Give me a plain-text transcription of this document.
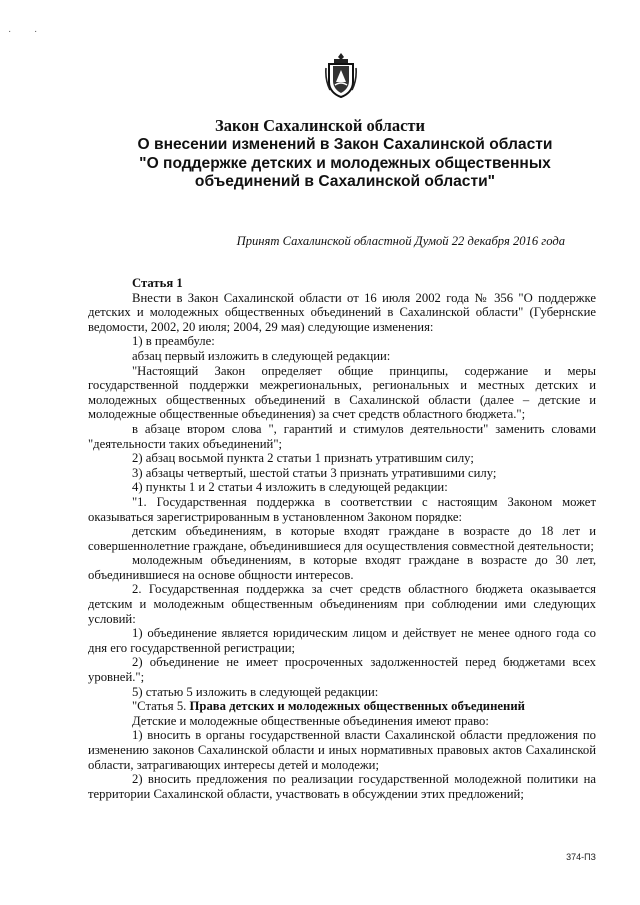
· ·
Закон Сахалинской области
О внесении изменений в Закон Сахалинской области "О поддержке детских и молодежных общественных объединений в Сахалинской области"
Принят Сахалинской областной Думой 22 декабря 2016 года

Статья 1

Внести в Закон Сахалинской области от 16 июля 2002 года № 356 "О поддержке детских и молодежных общественных объединений в Сахалинской области" (Губернские ведомости, 2002, 20 июля; 2004, 29 мая) следующие изменения:

1) в преамбуле:

абзац первый изложить в следующей редакции:

"Настоящий Закон определяет общие принципы, содержание и меры государственной поддержки межрегиональных, региональных и местных детских и молодежных общественных объединений в Сахалинской области (далее – детские и молодежные общественные объединения) за счет средств областного бюджета.";

в абзаце втором слова ", гарантий и стимулов деятельности" заменить словами "деятельности таких объединений";

2) абзац восьмой пункта 2 статьи 1 признать утратившим силу;

3) абзацы четвертый, шестой статьи 3 признать утратившими силу;

4) пункты 1 и 2 статьи 4 изложить в следующей редакции:

"1. Государственная поддержка в соответствии с настоящим Законом может оказываться зарегистрированным в установленном Законом порядке:

детским объединениям, в которые входят граждане в возрасте до 18 лет и совершеннолетние граждане, объединившиеся для осуществления совместной деятельности;

молодежным объединениям, в которые входят граждане в возрасте до 30 лет, объединившиеся на основе общности интересов.

2. Государственная поддержка за счет средств областного бюджета оказывается детским и молодежным общественным объединениям при соблюдении ими следующих условий:

1) объединение является юридическим лицом и действует не менее одного года со дня его государственной регистрации;

2) объединение не имеет просроченных задолженностей перед бюджетами всех уровней.";

5) статью 5 изложить в следующей редакции:

"Статья 5. Права детских и молодежных общественных объединений

Детские и молодежные общественные объединения имеют право:

1) вносить в органы государственной власти Сахалинской области предложения по изменению законов Сахалинской области и иных нормативных правовых актов Сахалинской области, затрагивающих интересы детей и молодежи;

2) вносить предложения по реализации государственной молодежной политики на территории Сахалинской области, участвовать в обсуждении этих предложений;

374-ПЗ
